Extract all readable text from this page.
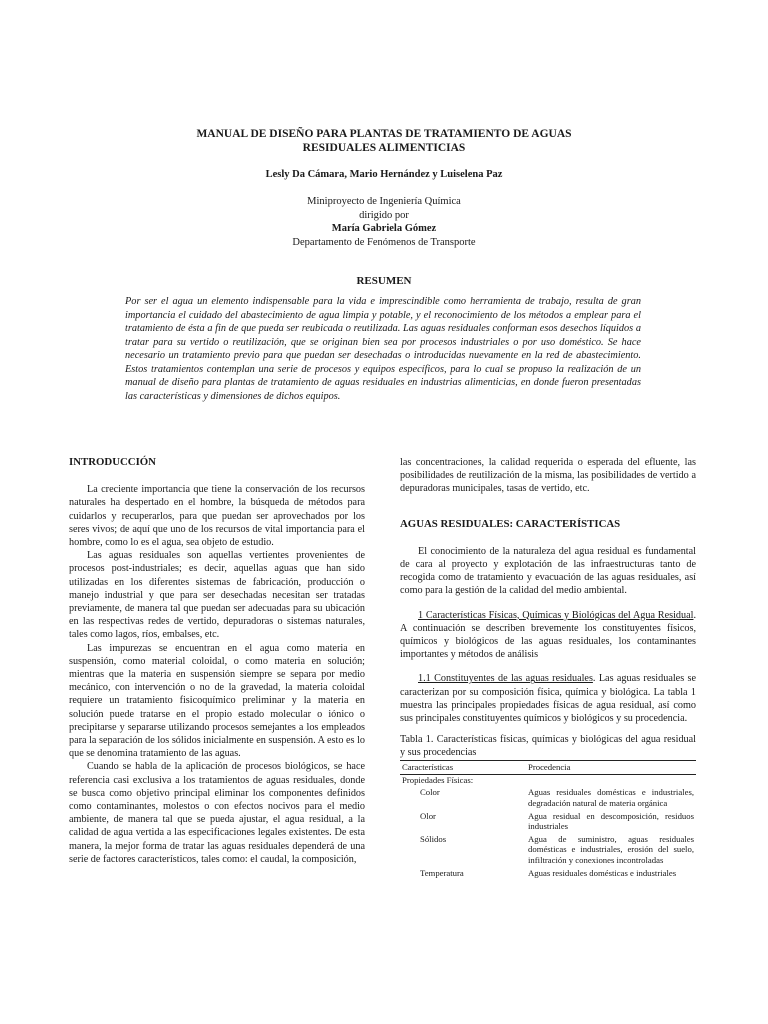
MANUAL DE DISEÑO PARA PLANTAS DE TRATAMIENTO DE AGUAS
RESIDUALES ALIMENTICIAS
Lesly Da Cámara, Mario Hernández y Luiselena Paz
Miniproyecto de Ingeniería Química
dirigido por
María Gabriela Gómez
Departamento de Fenómenos de Transporte
RESUMEN
Por ser el agua un elemento indispensable para la vida e imprescindible como herramienta de trabajo, resulta de gran importancia el cuidado del abastecimiento de agua limpia y potable, y el reconocimiento de los métodos a emplear para el tratamiento de ésta a fin de que pueda ser reubicada o reutilizada. Las aguas residuales conforman esos desechos líquidos a tratar para su vertido o reutilización, que se originan bien sea por procesos industriales o por uso doméstico. Se hace necesario un tratamiento previo para que puedan ser desechadas o introducidas nuevamente en la red de abastecimiento. Estos tratamientos contemplan una serie de procesos y equipos específicos, para lo cual se propuso la realización de un manual de diseño para plantas de tratamiento de aguas residuales en industrias alimenticias, en donde fueron presentadas las características y dimensiones de dichos equipos.
INTRODUCCIÓN

La creciente importancia que tiene la conservación de los recursos naturales ha despertado en el hombre, la búsqueda de métodos para cuidarlos y recuperarlos, para que puedan ser aprovechados por los seres vivos; de aquí que uno de los recursos de vital importancia para el hombre, como lo es el agua, sea objeto de estudio.

Las aguas residuales son aquellas vertientes provenientes de procesos post-industriales; es decir, aquellas aguas que han sido utilizadas en los diferentes sistemas de fabricación, producción o manejo industrial y que para ser desechadas necesitan ser tratadas previamente, de manera tal que puedan ser adecuadas para su ubicación en las respectivas redes de vertido, depuradoras o sistemas naturales, tales como lagos, ríos, embalses, etc.

Las impurezas se encuentran en el agua como materia en suspensión, como material coloidal, o como materia en solución; mientras que la materia en suspensión siempre se separa por medio mecánico, con intervención o no de la gravedad, la materia coloidal requiere un tratamiento fisicoquímico preliminar y la materia en solución puede tratarse en el propio estado molecular o iónico o precipitarse y separarse utilizando procesos semejantes a los empleados para la separación de los sólidos inicialmente en suspensión. A esto es lo que se denomina tratamiento de las aguas.

Cuando se habla de la aplicación de procesos biológicos, se hace referencia casi exclusiva a los tratamientos de aguas residuales, donde se busca como objetivo principal eliminar los componentes definidos como contaminantes, molestos o con efectos nocivos para el medio ambiente, de manera tal que se pueda ajustar, el agua residual, a la calidad de agua vertida a las especificaciones legales existentes. De esta manera, la mejor forma de tratar las aguas residuales dependerá de una serie de factores característicos, tales como: el caudal, la composición,

las concentraciones, la calidad requerida o esperada del efluente, las posibilidades de reutilización de la misma, las posibilidades de vertido a depuradoras municipales, tasas de vertido, etc.

AGUAS RESIDUALES: CARACTERÍSTICAS

El conocimiento de la naturaleza del agua residual es fundamental de cara al proyecto y explotación de las infraestructuras tanto de recogida como de tratamiento y evacuación de las aguas residuales, así como para la gestión de la calidad del medio ambiental.

1 Características Físicas, Químicas y Biológicas del Agua Residual. A continuación se describen brevemente los constituyentes físicos, químicos y biológicos de las aguas residuales, los contaminantes importantes y métodos de análisis

1.1 Constituyentes de las aguas residuales. Las aguas residuales se caracterizan por su composición física, química y biológica. La tabla 1 muestra las principales propiedades físicas de agua residual, así como sus principales constituyentes químicos y biológicos y su procedencia.

Tabla 1. Características físicas, químicas y biológicas del agua residual y sus procedencias
Características	Procedencia
Propiedades Físicas:	
Color	Aguas residuales domésticas e industriales, degradación natural de materia orgánica
Olor	Agua residual en descomposición, residuos industriales
Sólidos	Agua de suministro, aguas residuales domésticas e industriales, erosión del suelo, infiltración y conexiones incontroladas
Temperatura	Aguas residuales domésticas e industriales
